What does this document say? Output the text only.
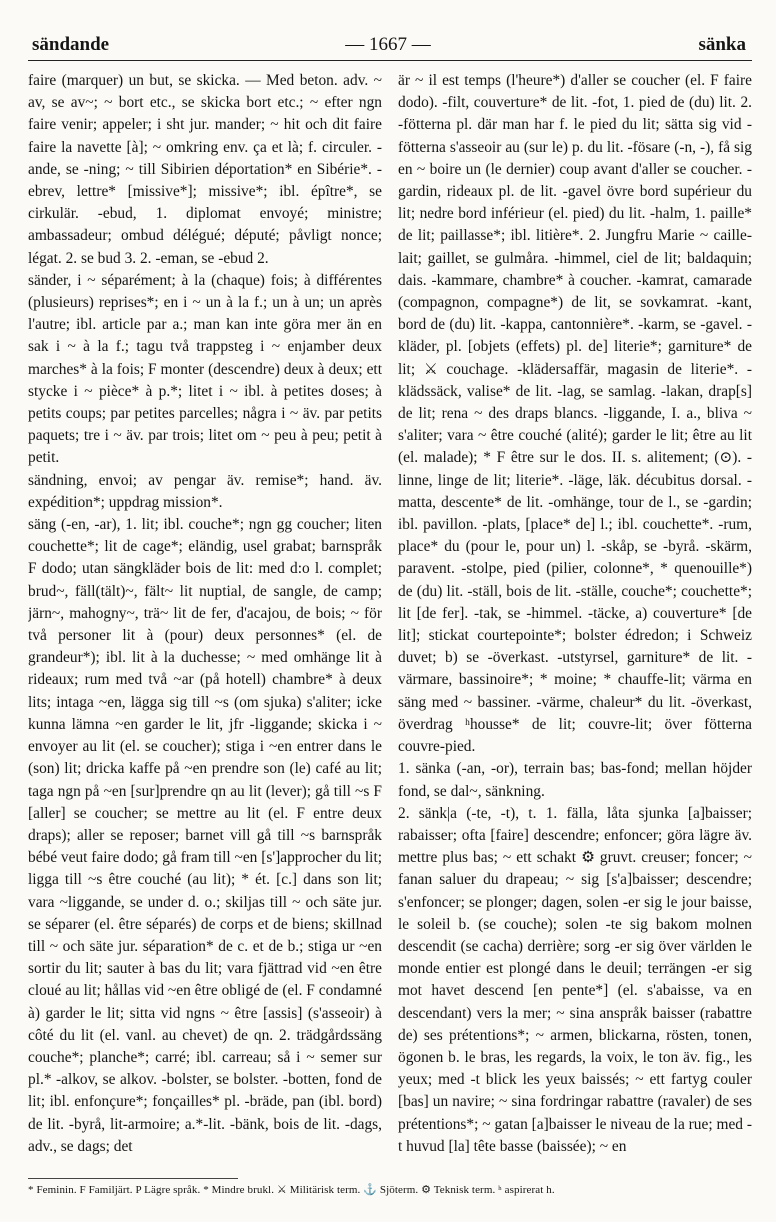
sändande	— 1667 —	sänka

faire (marquer) un but, se skicka. — Med beton. adv. ~ av, se av~; ~ bort etc., se skicka bort etc.; ~ efter ngn faire venir; appeler; i sht jur. mander; ~ hit och dit faire faire la navette [à]; ~ omkring env. ça et là; f. circuler. -ande, se -ning; ~ till Sibirien déportation* en Sibérie*. -ebrev, lettre* [missive*]; missive*; ibl. épître*, se cirkulär. -ebud, 1. diplomat envoyé; ministre; ambassadeur; ombud délégué; député; påvligt nonce; légat. 2. se bud 3. 2. -eman, se -ebud 2.

sänder, i ~ séparément; à la (chaque) fois; à différentes (plusieurs) reprises*; en i ~ un à la f.; un à un; un après l'autre; ibl. article par a.; man kan inte göra mer än en sak i ~ à la f.; tagu två trappsteg i ~ enjamber deux marches* à la fois; F monter (descendre) deux à deux; ett stycke i ~ pièce* à p.*; litet i ~ ibl. à petites doses; à petits coups; par petites parcelles; några i ~ äv. par petits paquets; tre i ~ äv. par trois; litet om ~ peu à peu; petit à petit.

sändning, envoi; av pengar äv. remise*; hand. äv. expédition*; uppdrag mission*.

säng (-en, -ar), 1. lit; ibl. couche*; ngn gg coucher; liten couchette*; lit de cage*; eländig, usel grabat; barnspråk F dodo; utan sängkläder bois de lit: med d:o l. complet; brud~, fäll(tält)~, fält~ lit nuptial, de sangle, de camp; järn~, mahogny~, trä~ lit de fer, d'acajou, de bois; ~ för två personer lit à (pour) deux personnes* (el. de grandeur*); ibl. lit à la duchesse; ~ med omhänge lit à rideaux; rum med två ~ar (på hotell) chambre* à deux lits; intaga ~en, lägga sig till ~s (om sjuka) s'aliter; icke kunna lämna ~en garder le lit, jfr -liggande; skicka i ~ envoyer au lit (el. se coucher); stiga i ~en entrer dans le (son) lit; dricka kaffe på ~en prendre son (le) café au lit; taga ngn på ~en [sur]prendre qn au lit (lever); gå till ~s F [aller] se coucher; se mettre au lit (el. F entre deux draps); aller se reposer; barnet vill gå till ~s barnspråk bébé veut faire dodo; gå fram till ~en [s']approcher du lit; ligga till ~s être couché (au lit); * ét. [c.] dans son lit; vara ~liggande, se under d. o.; skiljas till ~ och säte jur. se séparer (el. être séparés) de corps et de biens; skillnad till ~ och säte jur. séparation* de c. et de b.; stiga ur ~en sortir du lit; sauter à bas du lit; vara fjättrad vid ~en être cloué au lit; hållas vid ~en être obligé de (el. F condamné à) garder le lit; sitta vid ngns ~ être [assis] (s'asseoir) à côté du lit (el. vanl. au chevet) de qn. 2. trädgårdssäng couche*; planche*; carré; ibl. carreau; så i ~ semer sur pl.* -alkov, se alkov. -bolster, se bolster. -botten, fond de lit; ibl. enfonçure*; fonçailles* pl. -bräde, pan (ibl. bord) de lit. -byrå, lit-armoire; a.*-lit. -bänk, bois de lit. -dags, adv., se dags; det

är ~ il est temps (l'heure*) d'aller se coucher (el. F faire dodo). -filt, couverture* de lit. -fot, 1. pied de (du) lit. 2. -fötterna pl. där man har f. le pied du lit; sätta sig vid -fötterna s'asseoir au (sur le) p. du lit. -fösare (-n, -), få sig en ~ boire un (le dernier) coup avant d'aller se coucher. -gardin, rideaux pl. de lit. -gavel övre bord supérieur du lit; nedre bord inférieur (el. pied) du lit. -halm, 1. paille* de lit; paillasse*; ibl. litière*. 2. Jungfru Marie ~ caille-lait; gaillet, se gulmåra. -himmel, ciel de lit; baldaquin; dais. -kammare, chambre* à coucher. -kamrat, camarade (compagnon, compagne*) de lit, se sovkamrat. -kant, bord de (du) lit. -kappa, cantonnière*. -karm, se -gavel. -kläder, pl. [objets (effets) pl. de] literie*; garniture* de lit; ⚔ couchage. -klädersaffär, magasin de literie*. -klädssäck, valise* de lit. -lag, se samlag. -lakan, drap[s] de lit; rena ~ des draps blancs. -liggande, I. a., bliva ~ s'aliter; vara ~ être couché (alité); garder le lit; être au lit (el. malade); * F être sur le dos. II. s. alitement; (⊙). -linne, linge de lit; literie*. -läge, läk. décubitus dorsal. -matta, descente* de lit. -omhänge, tour de l., se -gardin; ibl. pavillon. -plats, [place* de] l.; ibl. couchette*. -rum, place* du (pour le, pour un) l. -skåp, se -byrå. -skärm, paravent. -stolpe, pied (pilier, colonne*, * quenouille*) de (du) lit. -ställ, bois de lit. -ställe, couche*; couchette*; lit [de fer]. -tak, se -himmel. -täcke, a) couverture* [de lit]; stickat courtepointe*; bolster édredon; i Schweiz duvet; b) se -överkast. -utstyrsel, garniture* de lit. -värmare, bassinoire*; * moine; * chauffe-lit; värma en säng med ~ bassiner. -värme, chaleur* du lit. -överkast, överdrag ʰhousse* de lit; couvre-lit; över fötterna couvre-pied.

1. sänka (-an, -or), terrain bas; bas-fond; mellan höjder fond, se dal~, sänkning.

2. sänk|a (-te, -t), t. 1. fälla, låta sjunka [a]baisser; rabaisser; ofta [faire] descendre; enfoncer; göra lägre äv. mettre plus bas; ~ ett schakt ⚙ gruvt. creuser; foncer; ~ fanan saluer du drapeau; ~ sig [s'a]baisser; descendre; s'enfoncer; se plonger; dagen, solen -er sig le jour baisse, le soleil b. (se couche); solen -te sig bakom molnen descendit (se cacha) derrière; sorg -er sig över världen le monde entier est plongé dans le deuil; terrängen -er sig mot havet descend [en pente*] (el. s'abaisse, va en descendant) vers la mer; ~ sina anspråk baisser (rabattre de) ses prétentions*; ~ armen, blickarna, rösten, tonen, ögonen b. le bras, les regards, la voix, le ton äv. fig., les yeux; med -t blick les yeux baissés; ~ ett fartyg couler [bas] un navire; ~ sina fordringar rabattre (ravaler) de ses prétentions*; ~ gatan [a]baisser le niveau de la rue; med -t huvud [la] tête basse (baissée); ~ en

* Feminin. F Familjärt. P Lägre språk. * Mindre brukl. ⚔ Militärisk term. ⚓ Sjöterm. ⚙ Teknisk term. ʰ aspirerat h.
